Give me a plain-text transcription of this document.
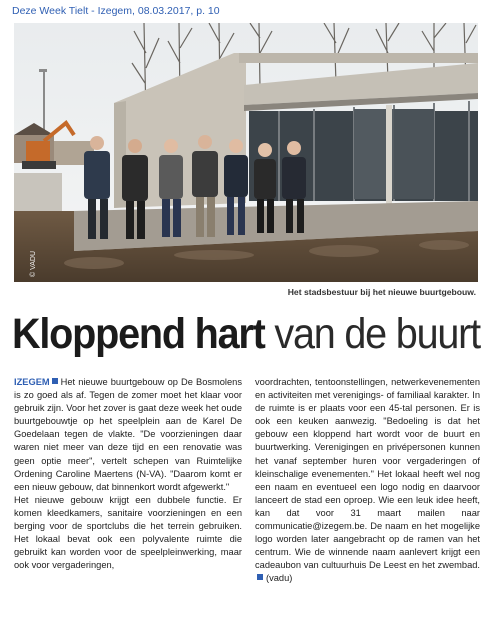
Deze Week Tielt - Izegem, 08.03.2017, p. 10
© VADU
Het stadsbestuur bij het nieuwe buurtgebouw.
Kloppend hart van de buurt

IZEGEM Het nieuwe buurtgebouw op De Bosmolens is zo goed als af. Tegen de zomer moet het klaar voor gebruik zijn. Voor het zover is gaat deze week het oude buurtgebouwtje op het speelplein aan de Karel De Goedelaan tegen de vlakte. "De voorzieningen daar waren niet meer van deze tijd en een renovatie was geen optie meer", vertelt schepen van Ruimtelijke Ordening Caroline Maertens (N-VA). "Daarom komt er een nieuw gebouw, dat binnenkort wordt afgewerkt."

Het nieuwe gebouw krijgt een dubbele functie. Er komen kleedkamers, sanitaire voorzieningen en een berging voor de sportclubs die het terrein gebruiken. Het lokaal bevat ook een polyvalente ruimte die gebruikt kan worden voor de speelpleinwerking, maar ook voor vergaderingen,

voordrachten, tentoonstellingen, netwerkevenementen en activiteiten met verenigings- of familiaal karakter. In de ruimte is er plaats voor een 45-tal personen. Er is ook een keuken aanwezig. "Bedoeling is dat het gebouw een kloppend hart wordt voor de buurt en buurtwerking. Verenigingen en privépersonen kunnen het vanaf september huren voor vergaderingen of kleinschalige evenementen." Het lokaal heeft wel nog een naam en eventueel een logo nodig en daarvoor lanceert de stad een oproep. Wie een leuk idee heeft, kan dat voor 31 maart mailen naar communicatie@izegem.be. De naam en het mogelijke logo worden later aangebracht op de ramen van het centrum. Wie de winnende naam aanlevert krijgt een cadeaubon van cultuurhuis De Leest en het zwembad.(vadu)
